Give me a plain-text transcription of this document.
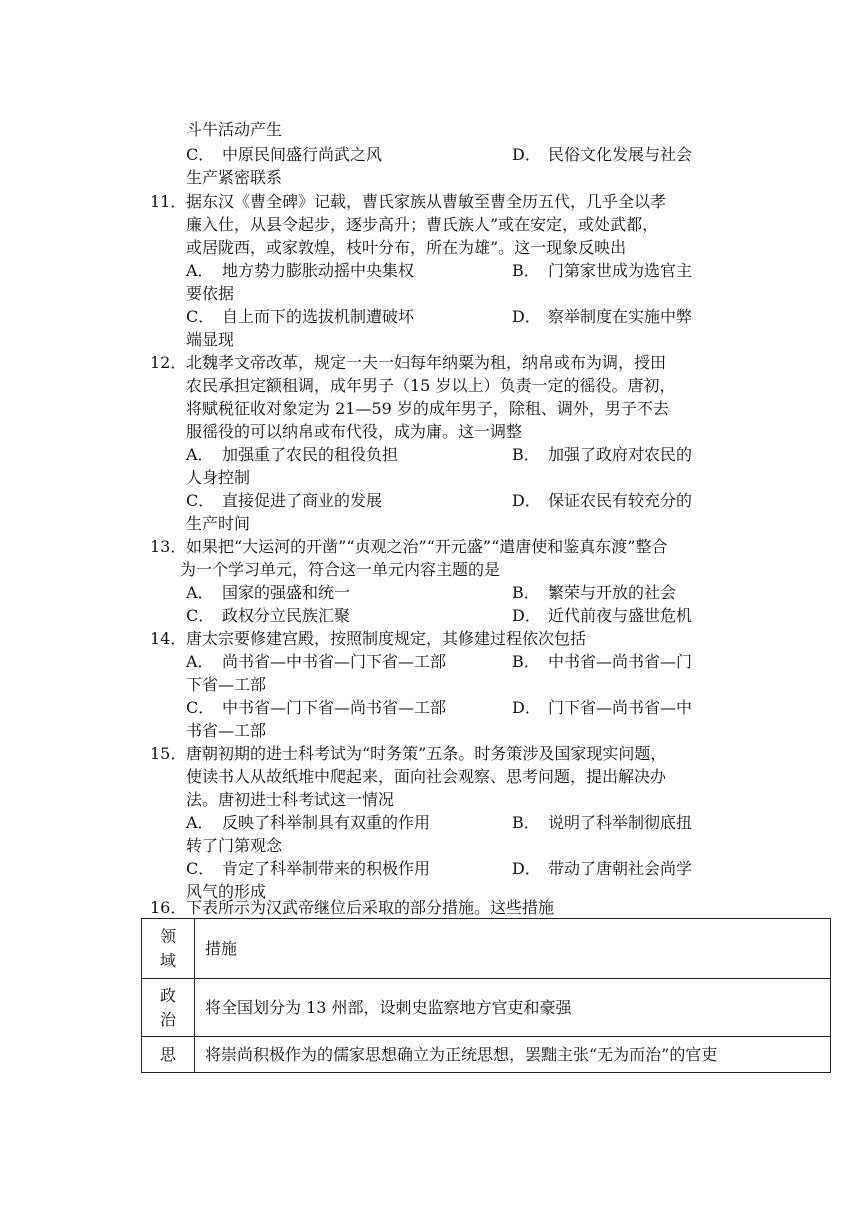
斗牛活动产生
C． 中原民间盛行尚武之风	D． 民俗文化发展与社会
生产紧密联系
11． 据东汉《曹全碑》记载，曹氏家族从曹敏至曹全历五代，几乎全以孝
廉入仕，从县令起步，逐步高升；曹氏族人”或在安定，或处武都，
或居陇西，或家敦煌，枝叶分布，所在为雄”。这一现象反映出
A． 地方势力膨胀动摇中央集权	B． 门第家世成为选官主
要依据
C． 自上而下的选拔机制遭破坏	D． 察举制度在实施中弊
端显现
12． 北魏孝文帝改革，规定一夫一妇每年纳粟为租，纳帛或布为调，授田
农民承担定额租调，成年男子（15 岁以上）负责一定的徭役。唐初，
将赋税征收对象定为 21—59 岁的成年男子，除租、调外，男子不去
服徭役的可以纳帛或布代役，成为庸。这一调整
A． 加强重了农民的租役负担	B． 加强了政府对农民的
人身控制
C． 直接促进了商业的发展	D． 保证农民有较充分的
生产时间
13． 如果把“大运河的开凿”“贞观之治”“开元盛”“遣唐使和鉴真东渡”整合
为一个学习单元，符合这一单元内容主题的是
A． 国家的强盛和统一	B． 繁荣与开放的社会
C． 政权分立民族汇聚	D． 近代前夜与盛世危机
14． 唐太宗要修建宫殿，按照制度规定，其修建过程依次包括
A． 尚书省—中书省—门下省—工部	B． 中书省—尚书省—门
下省—工部
C． 中书省—门下省—尚书省—工部	D． 门下省—尚书省—中
书省—工部
15． 唐朝初期的进士科考试为“时务策”五条。时务策涉及国家现实问题，
使读书人从故纸堆中爬起来，面向社会观察、思考问题，提出解决办
法。唐初进士科考试这一情况
A． 反映了科举制具有双重的作用	B． 说明了科举制彻底扭
转了门第观念
C． 肯定了科举制带来的积极作用	D． 带动了唐朝社会尚学
风气的形成
16． 下表所示为汉武帝继位后采取的部分措施。这些措施
领
域	措施
政
治	将全国划分为 13 州部，设刺史监察地方官吏和豪强
思	将崇尚积极作为的儒家思想确立为正统思想，罢黜主张“无为而治”的官吏
